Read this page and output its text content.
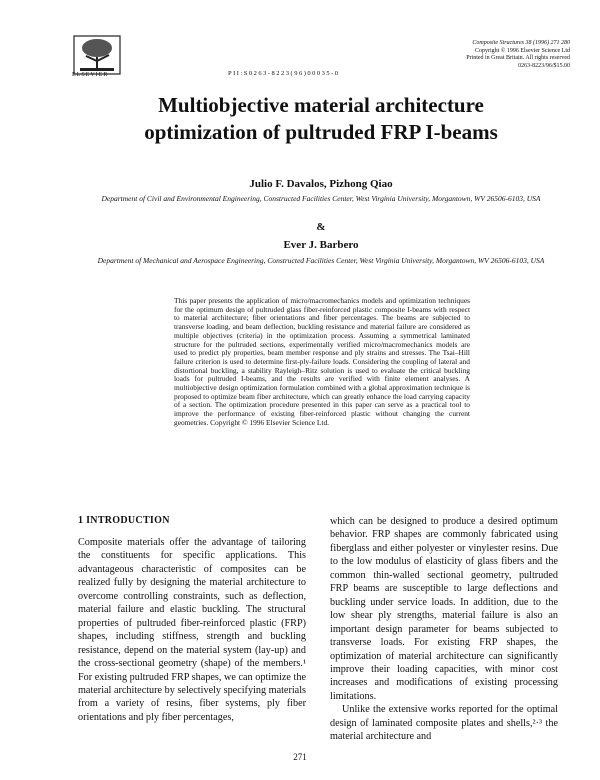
ELSEVIER	PII:S0263-8223(96)00035-0
Composite Structures 38 (1996) 271 280
Copyright © 1996 Elsevier Science Ltd
Printed in Great Britain. All rights reserved
0263-8223/96/$15.00
Multiobjective material architecture
optimization of pultruded FRP I-beams
Julio F. Davalos, Pizhong Qiao
Department of Civil and Environmental Engineering, Constructed Facilities Center, West Virginia University, Morgantown, WV 26506-6103, USA
&
Ever J. Barbero
Department of Mechanical and Aerospace Engineering, Constructed Facilities Center, West Virginia University, Morgantown, WV 26506-6103, USA
This paper presents the application of micro/macromechanics models and optimization techniques for the optimum design of pultruded glass fiber-reinforced plastic composite I-beams with respect to material architecture; fiber orientations and fiber percentages. The beams are subjected to transverse loading, and beam deflection, buckling resistance and material failure are considered as multiple objectives (criteria) in the optimization process. Assuming a symmetrical laminated structure for the pultruded sections, experimentally verified micro/macromechanics models are used to predict ply properties, beam member response and ply strains and stresses. The Tsai–Hill failure criterion is used to determine first-ply-failure loads. Considering the coupling of lateral and distortional buckling, a stability Rayleigh–Ritz solution is used to evaluate the critical buckling loads for pultruded I-beams, and the results are verified with finite element analyses. A multiobjective design optimization formulation combined with a global approximation technique is proposed to optimize beam fiber architecture, which can greatly enhance the load carrying capacity of a section. The optimization procedure presented in this paper can serve as a practical tool to improve the performance of existing fiber-reinforced plastic without changing the current geometries. Copyright © 1996 Elsevier Science Ltd.
1 INTRODUCTION

Composite materials offer the advantage of tailoring the constituents for specific applications. This advantageous characteristic of composites can be realized fully by designing the material architecture to overcome controlling constraints, such as deflection, material failure and elastic buckling. The structural properties of pultruded fiber-reinforced plastic (FRP) shapes, including stiffness, strength and buckling resistance, depend on the material system (lay-up) and the cross-sectional geometry (shape) of the members.¹ For existing pultruded FRP shapes, we can optimize the material architecture by selectively specifying materials from a variety of resins, fiber systems, ply fiber orientations and ply fiber percentages,

which can be designed to produce a desired optimum behavior. FRP shapes are commonly fabricated using fiberglass and either polyester or vinylester resins. Due to the low modulus of elasticity of glass fibers and the common thin-walled sectional geometry, pultruded FRP beams are susceptible to large deflections and buckling under service loads. In addition, due to the low shear ply strengths, material failure is also an important design parameter for beams subjected to transverse loads. For existing FRP shapes, the optimization of material architecture can significantly improve their loading capacities, with minor cost increases and modifications of existing processing limitations.

Unlike the extensive works reported for the optimal design of laminated composite plates and shells,²·³ the material architecture and

271
